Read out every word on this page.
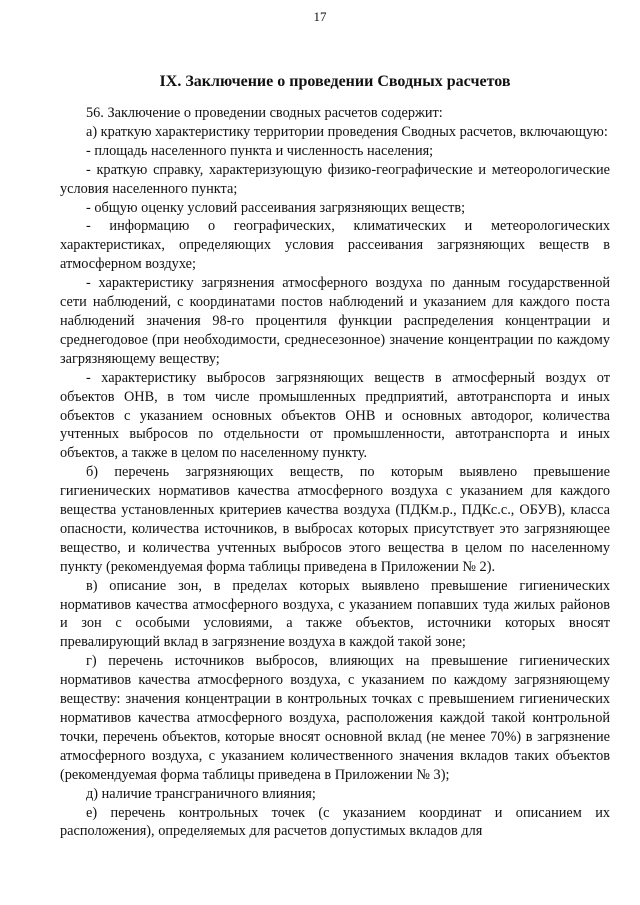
17
IX. Заключение о проведении Сводных расчетов

56. Заключение о проведении сводных расчетов содержит:

а) краткую характеристику территории проведения Сводных расчетов, включающую:

- площадь населенного пункта и численность населения;

- краткую справку, характеризующую физико-географические и метеорологические условия населенного пункта;

- общую оценку условий рассеивания загрязняющих веществ;

- информацию о географических, климатических и метеорологических характеристиках, определяющих условия рассеивания загрязняющих веществ в атмосферном воздухе;

- характеристику загрязнения атмосферного воздуха по данным государственной сети наблюдений, с координатами постов наблюдений и указанием для каждого поста наблюдений значения 98-го процентиля функции распределения концентрации и среднегодовое (при необходимости, среднесезонное) значение концентрации по каждому загрязняющему веществу;

- характеристику выбросов загрязняющих веществ в атмосферный воздух от объектов ОНВ, в том числе промышленных предприятий, автотранспорта и иных объектов с указанием основных объектов ОНВ и основных автодорог, количества учтенных выбросов по отдельности от промышленности, автотранспорта и иных объектов, а также в целом по населенному пункту.

б) перечень загрязняющих веществ, по которым выявлено превышение гигиенических нормативов качества атмосферного воздуха с указанием для каждого вещества установленных критериев качества воздуха (ПДКм.р., ПДКс.с., ОБУВ), класса опасности, количества источников, в выбросах которых присутствует это загрязняющее вещество, и количества учтенных выбросов этого вещества в целом по населенному пункту (рекомендуемая форма таблицы приведена в Приложении № 2).

в) описание зон, в пределах которых выявлено превышение гигиенических нормативов качества атмосферного воздуха, с указанием попавших туда жилых районов и зон с особыми условиями, а также объектов, источники которых вносят превалирующий вклад в загрязнение воздуха в каждой такой зоне;

г) перечень источников выбросов, влияющих на превышение гигиенических нормативов качества атмосферного воздуха, с указанием по каждому загрязняющему веществу: значения концентрации в контрольных точках с превышением гигиенических нормативов качества атмосферного воздуха, расположения каждой такой контрольной точки, перечень объектов, которые вносят основной вклад (не менее 70%) в загрязнение атмосферного воздуха, с указанием количественного значения вкладов таких объектов (рекомендуемая форма таблицы приведена в Приложении № 3);

д) наличие трансграничного влияния;

е) перечень контрольных точек (с указанием координат и описанием их расположения), определяемых для расчетов допустимых вкладов для
